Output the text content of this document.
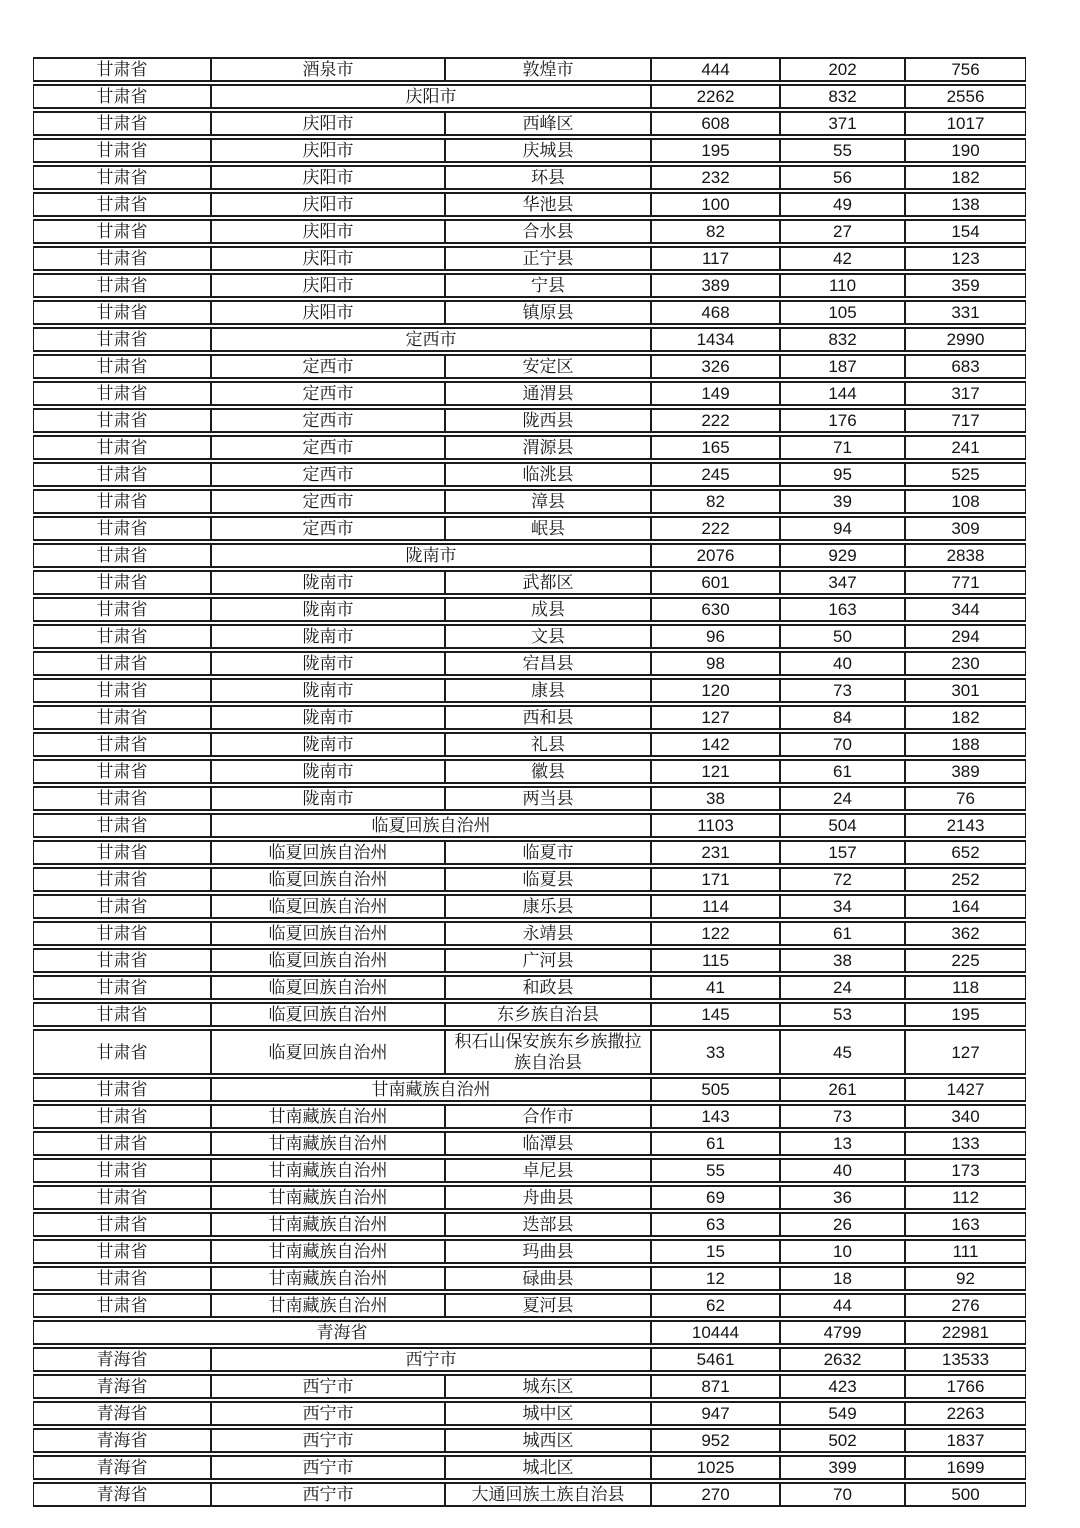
甘肃省	酒泉市	敦煌市	444	202	756
甘肃省	庆阳市		2262	832	2556
甘肃省	庆阳市	西峰区	608	371	1017
甘肃省	庆阳市	庆城县	195	55	190
甘肃省	庆阳市	环县	232	56	182
甘肃省	庆阳市	华池县	100	49	138
甘肃省	庆阳市	合水县	82	27	154
甘肃省	庆阳市	正宁县	117	42	123
甘肃省	庆阳市	宁县	389	110	359
甘肃省	庆阳市	镇原县	468	105	331
甘肃省	定西市		1434	832	2990
甘肃省	定西市	安定区	326	187	683
甘肃省	定西市	通渭县	149	144	317
甘肃省	定西市	陇西县	222	176	717
甘肃省	定西市	渭源县	165	71	241
甘肃省	定西市	临洮县	245	95	525
甘肃省	定西市	漳县	82	39	108
甘肃省	定西市	岷县	222	94	309
甘肃省	陇南市		2076	929	2838
甘肃省	陇南市	武都区	601	347	771
甘肃省	陇南市	成县	630	163	344
甘肃省	陇南市	文县	96	50	294
甘肃省	陇南市	宕昌县	98	40	230
甘肃省	陇南市	康县	120	73	301
甘肃省	陇南市	西和县	127	84	182
甘肃省	陇南市	礼县	142	70	188
甘肃省	陇南市	徽县	121	61	389
甘肃省	陇南市	两当县	38	24	76
甘肃省	临夏回族自治州		1103	504	2143
甘肃省	临夏回族自治州	临夏市	231	157	652
甘肃省	临夏回族自治州	临夏县	171	72	252
甘肃省	临夏回族自治州	康乐县	114	34	164
甘肃省	临夏回族自治州	永靖县	122	61	362
甘肃省	临夏回族自治州	广河县	115	38	225
甘肃省	临夏回族自治州	和政县	41	24	118
甘肃省	临夏回族自治州	东乡族自治县	145	53	195
甘肃省	临夏回族自治州	积石山保安族东乡族撒拉族自治县	33	45	127
甘肃省	甘南藏族自治州		505	261	1427
甘肃省	甘南藏族自治州	合作市	143	73	340
甘肃省	甘南藏族自治州	临潭县	61	13	133
甘肃省	甘南藏族自治州	卓尼县	55	40	173
甘肃省	甘南藏族自治州	舟曲县	69	36	112
甘肃省	甘南藏族自治州	迭部县	63	26	163
甘肃省	甘南藏族自治州	玛曲县	15	10	111
甘肃省	甘南藏族自治州	碌曲县	12	18	92
甘肃省	甘南藏族自治州	夏河县	62	44	276
青海省			10444	4799	22981
青海省	西宁市		5461	2632	13533
青海省	西宁市	城东区	871	423	1766
青海省	西宁市	城中区	947	549	2263
青海省	西宁市	城西区	952	502	1837
青海省	西宁市	城北区	1025	399	1699
青海省	西宁市	大通回族土族自治县	270	70	500
